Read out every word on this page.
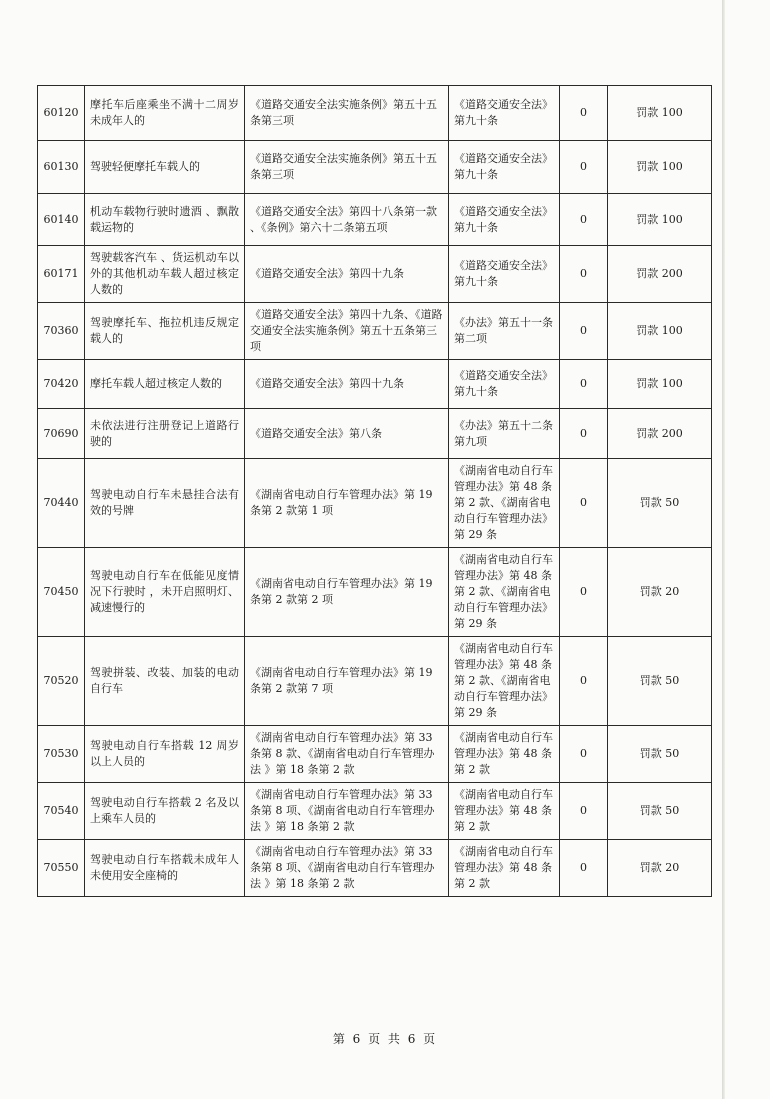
60120	摩托车后座乘坐不满十二周岁未成年人的	《道路交通安全法实施条例》第五十五条第三项	《道路交通安全法》第九十条	0	罚款 100
60130	驾驶轻便摩托车载人的	《道路交通安全法实施条例》第五十五条第三项	《道路交通安全法》第九十条	0	罚款 100
60140	机动车载物行驶时遗酒 、飘散载运物的	《道路交通安全法》第四十八条第一款 、《条例》第六十二条第五项	《道路交通安全法》第九十条	0	罚款 100
60171	驾驶载客汽车 、货运机动车以外的其他机动车载人超过核定人数的	《道路交通安全法》第四十九条	《道路交通安全法》第九十条	0	罚款 200
70360	驾驶摩托车、拖拉机违反规定载人的	《道路交通安全法》第四十九条、《道路交通安全法实施条例》第五十五条第三项	《办法》第五十一条第二项	0	罚款 100
70420	摩托车载人超过核定人数的	《道路交通安全法》第四十九条	《道路交通安全法》第九十条	0	罚款 100
70690	未依法进行注册登记上道路行驶的	《道路交通安全法》第八条	《办法》第五十二条第九项	0	罚款 200
70440	驾驶电动自行车未悬挂合法有效的号牌	《湖南省电动自行车管理办法》第 19 条第 2 款第 1 项	《湖南省电动自行车管理办法》第 48 条第 2 款、《湖南省电动自行车管理办法》第 29 条	0	罚款 50
70450	驾驶电动自行车在低能见度情况下行驶时 ，未开启照明灯、 减速慢行的	《湖南省电动自行车管理办法》第 19 条第 2 款第 2 项	《湖南省电动自行车管理办法》第 48 条第 2 款、《湖南省电动自行车管理办法》第 29 条	0	罚款 20
70520	驾驶拼装、改装、加装的电动自行车	《湖南省电动自行车管理办法》第 19 条第 2 款第 7 项	《湖南省电动自行车管理办法》第 48 条第 2 款、《湖南省电动自行车管理办法》第 29 条	0	罚款 50
70530	驾驶电动自行车搭载 12 周岁以上人员的	《湖南省电动自行车管理办法》第 33 条第 8 款、《湖南省电动自行车管理办法 》第 18 条第 2 款	《湖南省电动自行车管理办法》第 48 条第 2 款	0	罚款 50
70540	驾驶电动自行车搭载 2 名及以上乘车人员的	《湖南省电动自行车管理办法》第 33 条第 8 项、《湖南省电动自行车管理办法 》第 18 条第 2 款	《湖南省电动自行车管理办法》第 48 条第 2 款	0	罚款 50
70550	驾驶电动自行车搭载未成年人未使用安全座椅的	《湖南省电动自行车管理办法》第 33 条第 8 项、《湖南省电动自行车管理办法 》第 18 条第 2 款	《湖南省电动自行车管理办法》第 48 条第 2 款	0	罚款 20
第 6 页 共 6 页
